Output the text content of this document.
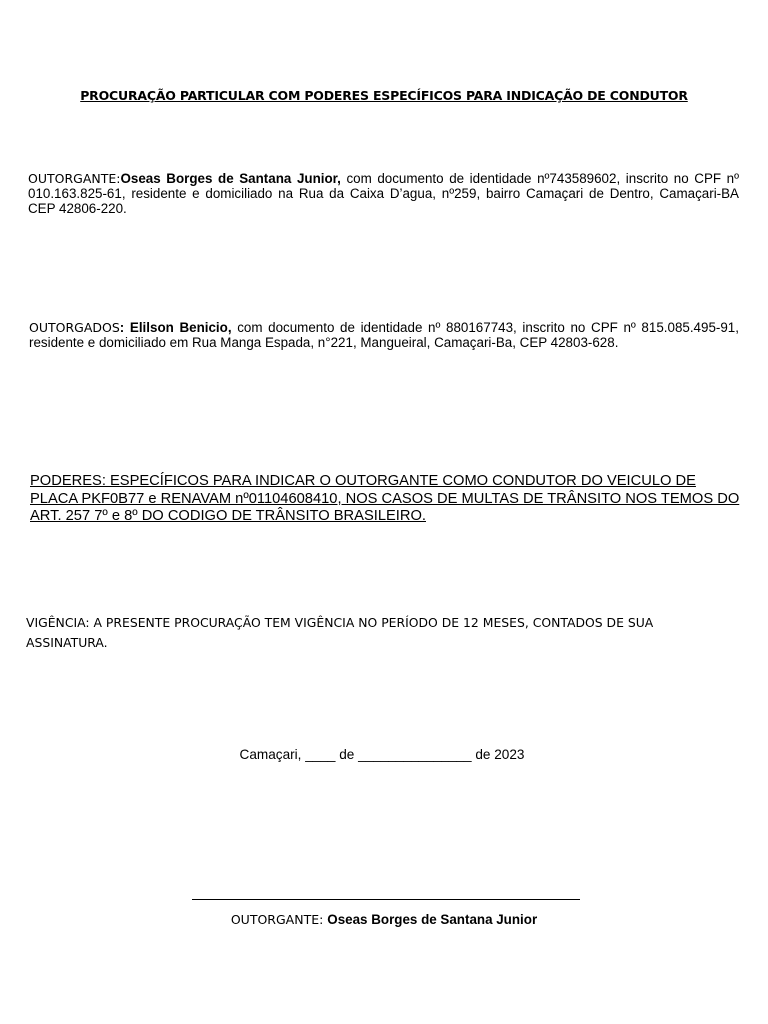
PROCURAÇÃO PARTICULAR COM PODERES ESPECÍFICOS PARA INDICAÇÃO DE CONDUTOR
OUTORGANTE:Oseas Borges de Santana Junior, com documento de identidade nº743589602, inscrito no CPF nº 010.163.825-61, residente e domiciliado na Rua da Caixa D’agua, nº259, bairro Camaçari de Dentro, Camaçari-BA CEP 42806-220.
OUTORGADOS: Elilson Benicio, com documento de identidade nº 880167743, inscrito no CPF nº 815.085.495-91, residente e domiciliado em Rua Manga Espada, n°221, Mangueiral, Camaçari-Ba, CEP 42803-628.
PODERES: ESPECÍFICOS PARA INDICAR O OUTORGANTE COMO CONDUTOR DO VEICULO DE PLACA PKF0B77 e RENAVAM nº01104608410, NOS CASOS DE MULTAS DE TRÂNSITO NOS TEMOS DO ART. 257 7º e 8º DO CODIGO DE TRÂNSITO BRASILEIRO.
VIGÊNCIA: A PRESENTE PROCURAÇÃO TEM VIGÊNCIA NO PERÍODO DE 12 MESES, CONTADOS DE SUA ASSINATURA.
Camaçari, ____ de _______________ de 2023
OUTORGANTE: Oseas Borges de Santana Junior
